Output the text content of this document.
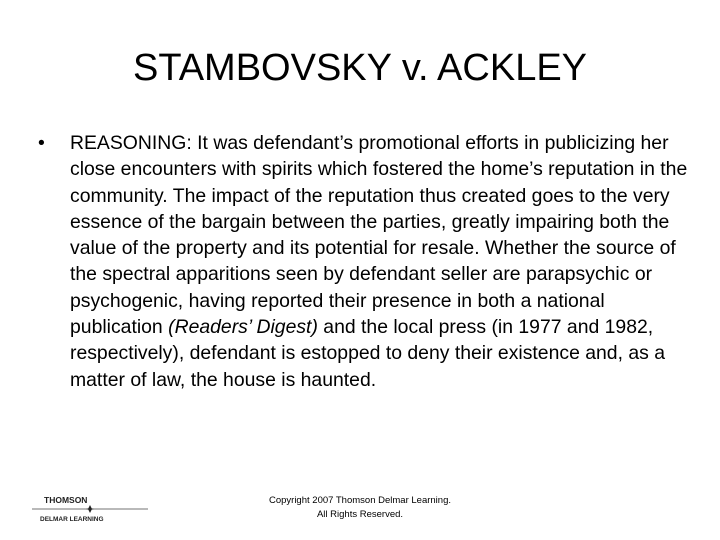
STAMBOVSKY v. ACKLEY
•	REASONING: It was defendant’s promotional efforts in publicizing her close encounters with spirits which fostered the home’s reputation in the community. The impact of the reputation thus created goes to the very essence of the bargain between the parties, greatly impairing both the value of the property and its potential for resale. Whether the source of the spectral apparitions seen by defendant seller are parapsychic or psychogenic, having reported their presence in both a national publication (Readers’ Digest) and the local press (in 1977 and 1982, respectively), defendant is estopped to deny their existence and, as a matter of law, the house is haunted.
THOMSON
DELMAR LEARNING
Copyright 2007 Thomson Delmar Learning.
All Rights Reserved.
